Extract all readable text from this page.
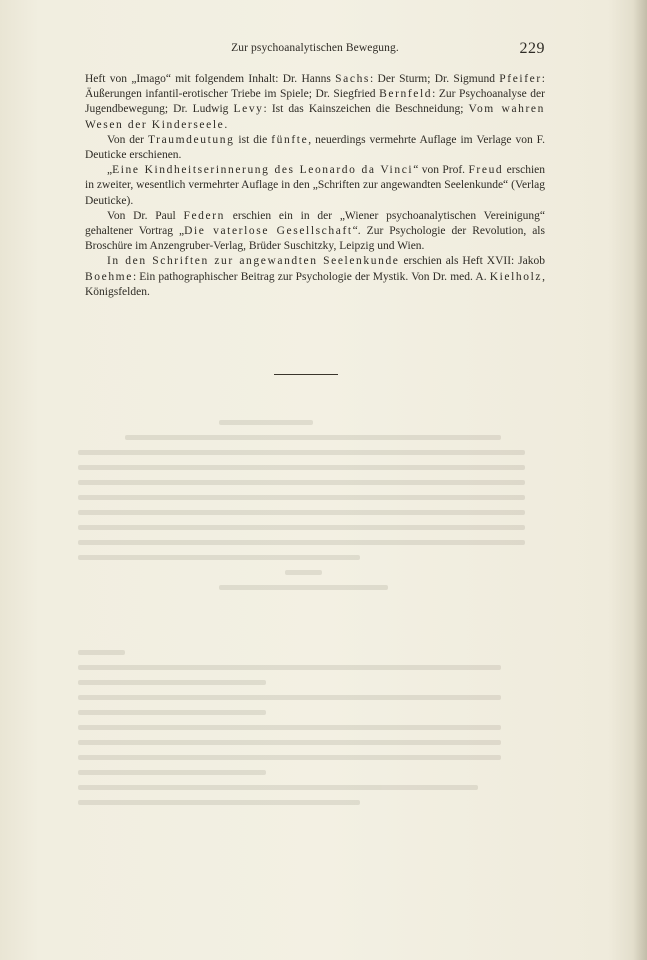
Zur psychoanalytischen Bewegung.	229

Heft von „Imago“ mit folgendem Inhalt: Dr. Hanns Sachs: Der Sturm; Dr. Sigmund Pfeifer: Äußerungen infantil-erotischer Triebe im Spiele; Dr. Siegfried Bernfeld: Zur Psychoanalyse der Jugendbewegung; Dr. Ludwig Levy: Ist das Kainszeichen die Beschneidung; Vom wahren Wesen der Kinderseele.

Von der Traumdeutung ist die fünfte, neuerdings vermehrte Auflage im Verlage von F. Deuticke erschienen.

„Eine Kindheitserinnerung des Leonardo da Vinci“ von Prof. Freud erschien in zweiter, wesentlich vermehrter Auflage in den „Schriften zur angewandten Seelenkunde“ (Verlag Deuticke).

Von Dr. Paul Federn erschien ein in der „Wiener psychoanalytischen Vereinigung“ gehaltener Vortrag „Die vaterlose Gesellschaft“. Zur Psychologie der Revolution, als Broschüre im Anzengruber-Verlag, Brüder Suschitzky, Leipzig und Wien.

In den Schriften zur angewandten Seelenkunde erschien als Heft XVII: Jakob Boehme: Ein pathographischer Beitrag zur Psychologie der Mystik. Von Dr. med. A. Kielholz, Königsfelden.
